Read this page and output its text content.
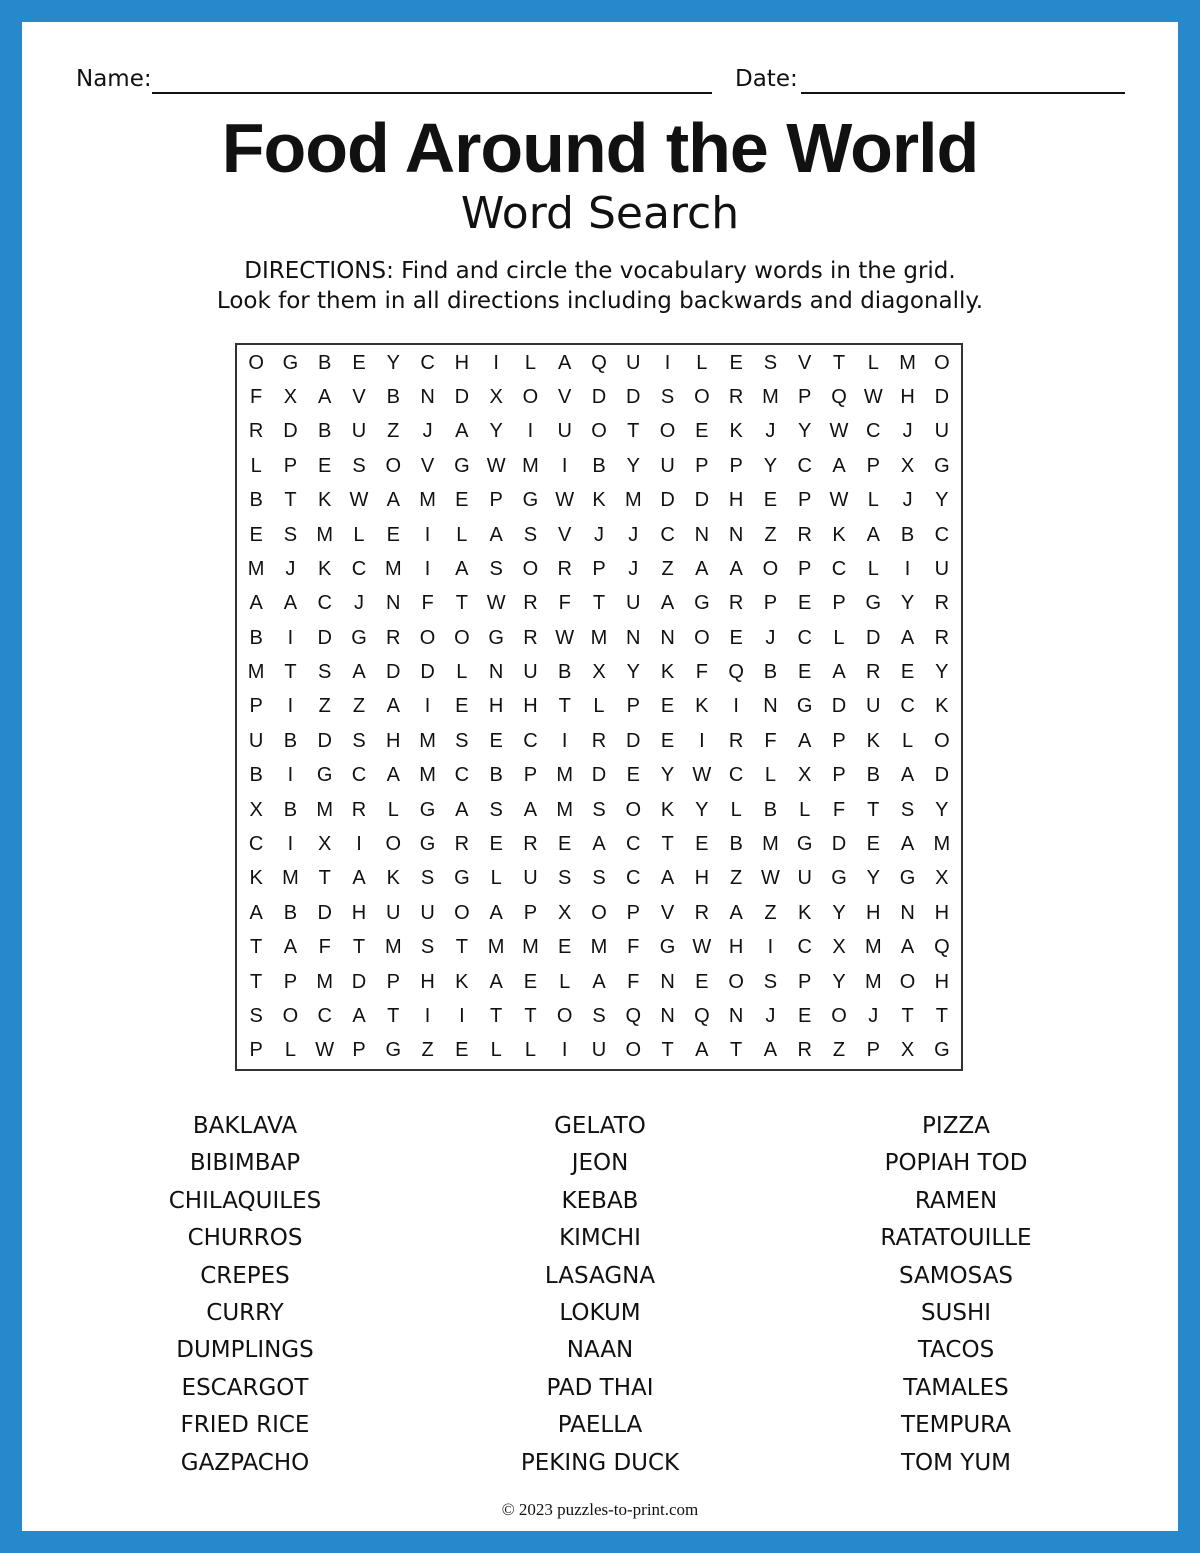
Name:	Date:
Food Around the World
Word Search
DIRECTIONS: Find and circle the vocabulary words in the grid.
Look for them in all directions including backwards and diagonally.
O G B	E	Y	C H	I	L	A Q U	I	L	E	S	V	T	L	M O
F	X	A	V	B	N D	X O V	D D	S O R M P Q W H D
R D	B	U	Z	J	A	Y	I	U O	T	O E	K	J	Y W C	J	U
L	P	E	S O V G W M	I	B	Y	U	P	P	Y	C	A	P	X G
B	T	K W A M E	P G W K M D D H	E	P W L	J	Y
E	S M	L	E	I	L	A	S	V	J	J	C N N	Z	R	K	A	B	C
M	J	K	C M	I	A	S O R	P	J	Z	A	A O P	C	L	I	U
A	A	C	J	N	F	T W R	F	T	U	A G R	P	E	P G Y	R
B	I	D G R O O G R W M N N O E	J	C	L	D	A	R
M T	S	A	D D	L	N U	B	X	Y	K	F	Q B	E	A	R	E	Y
P	I	Z	Z	A	I	E	H H	T	L	P	E	K	I	N G D U C	K
U	B	D	S	H M S	E	C	I	R D	E	I	R	F	A	P	K	L	O
B	I	G C	A M C	B	P M D	E	Y W C	L	X	P	B	A	D
X	B M R	L	G A	S	A M S O K	Y	L	B	L	F	T	S	Y
C	I	X	I	O G R	E	R	E	A	C	T	E	B M G D	E	A M
K M T	A	K	S G	L	U	S	S	C	A	H	Z W U G Y G X
A	B	D H U U O A	P	X O P	V	R	A	Z	K	Y	H N H
T	A	F	T M S	T M M E M F	G W H	I	C	X M A Q
T	P M D	P	H	K	A	E	L	A	F	N	E O S	P	Y M O H
S O C	A	T	I	I	T	T	O S Q N Q N	J	E O	J	T	T
P	L W P G	Z	E	L	L	I	U O	T	A	T	A	R	Z	P	X G
BAKLAVA
BIBIMBAP
CHILAQUILES
CHURROS
CREPES
CURRY
DUMPLINGS
ESCARGOT
FRIED RICE
GAZPACHO
GELATO
JEON
KEBAB
KIMCHI
LASAGNA
LOKUM
NAAN
PAD THAI
PAELLA
PEKING DUCK
PIZZA
POPIAH TOD
RAMEN
RATATOUILLE
SAMOSAS
SUSHI
TACOS
TAMALES
TEMPURA
TOM YUM
© 2023 puzzles-to-print.com
